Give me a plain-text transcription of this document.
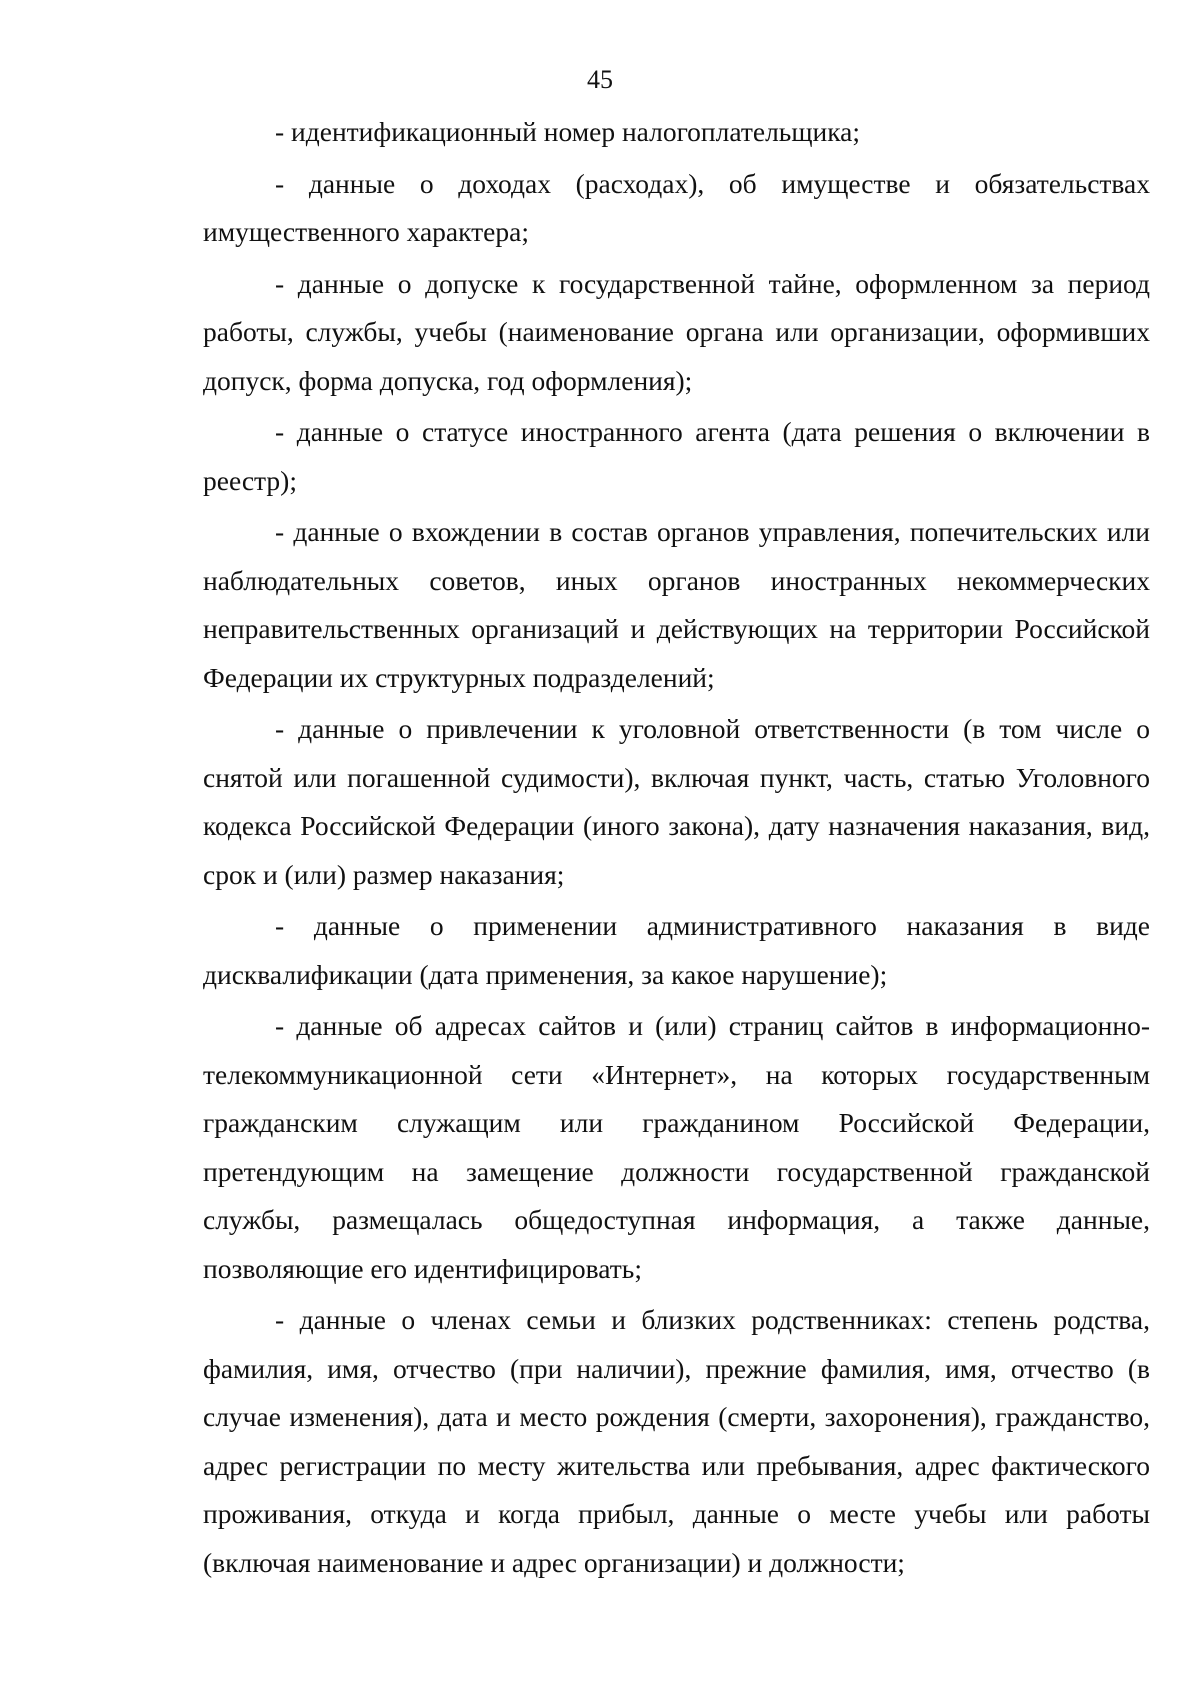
45

- идентификационный номер налогоплательщика;

- данные о доходах (расходах), об имуществе и обязательствах имущественного характера;

- данные о допуске к государственной тайне, оформленном за период работы, службы, учебы (наименование органа или организации, оформивших допуск, форма допуска, год оформления);

- данные о статусе иностранного агента (дата решения о включении в реестр);

- данные о вхождении в состав органов управления, попечительских или наблюдательных советов, иных органов иностранных некоммерческих неправительственных организаций и действующих на территории Российской Федерации их структурных подразделений;

- данные о привлечении к уголовной ответственности (в том числе о снятой или погашенной судимости), включая пункт, часть, статью Уголовного кодекса Российской Федерации (иного закона), дату назначения наказания, вид, срок и (или) размер наказания;

- данные о применении административного наказания в виде дисквалификации (дата применения, за какое нарушение);

- данные об адресах сайтов и (или) страниц сайтов в информационно-телекоммуникационной сети «Интернет», на которых государственным гражданским служащим или гражданином Российской Федерации, претендующим на замещение должности государственной гражданской службы, размещалась общедоступная информация, а также данные, позволяющие его идентифицировать;

- данные о членах семьи и близких родственниках: степень родства, фамилия, имя, отчество (при наличии), прежние фамилия, имя, отчество (в случае изменения), дата и место рождения (смерти, захоронения), гражданство, адрес регистрации по месту жительства или пребывания, адрес фактического проживания, откуда и когда прибыл, данные о месте учебы или работы (включая наименование и адрес организации) и должности;
